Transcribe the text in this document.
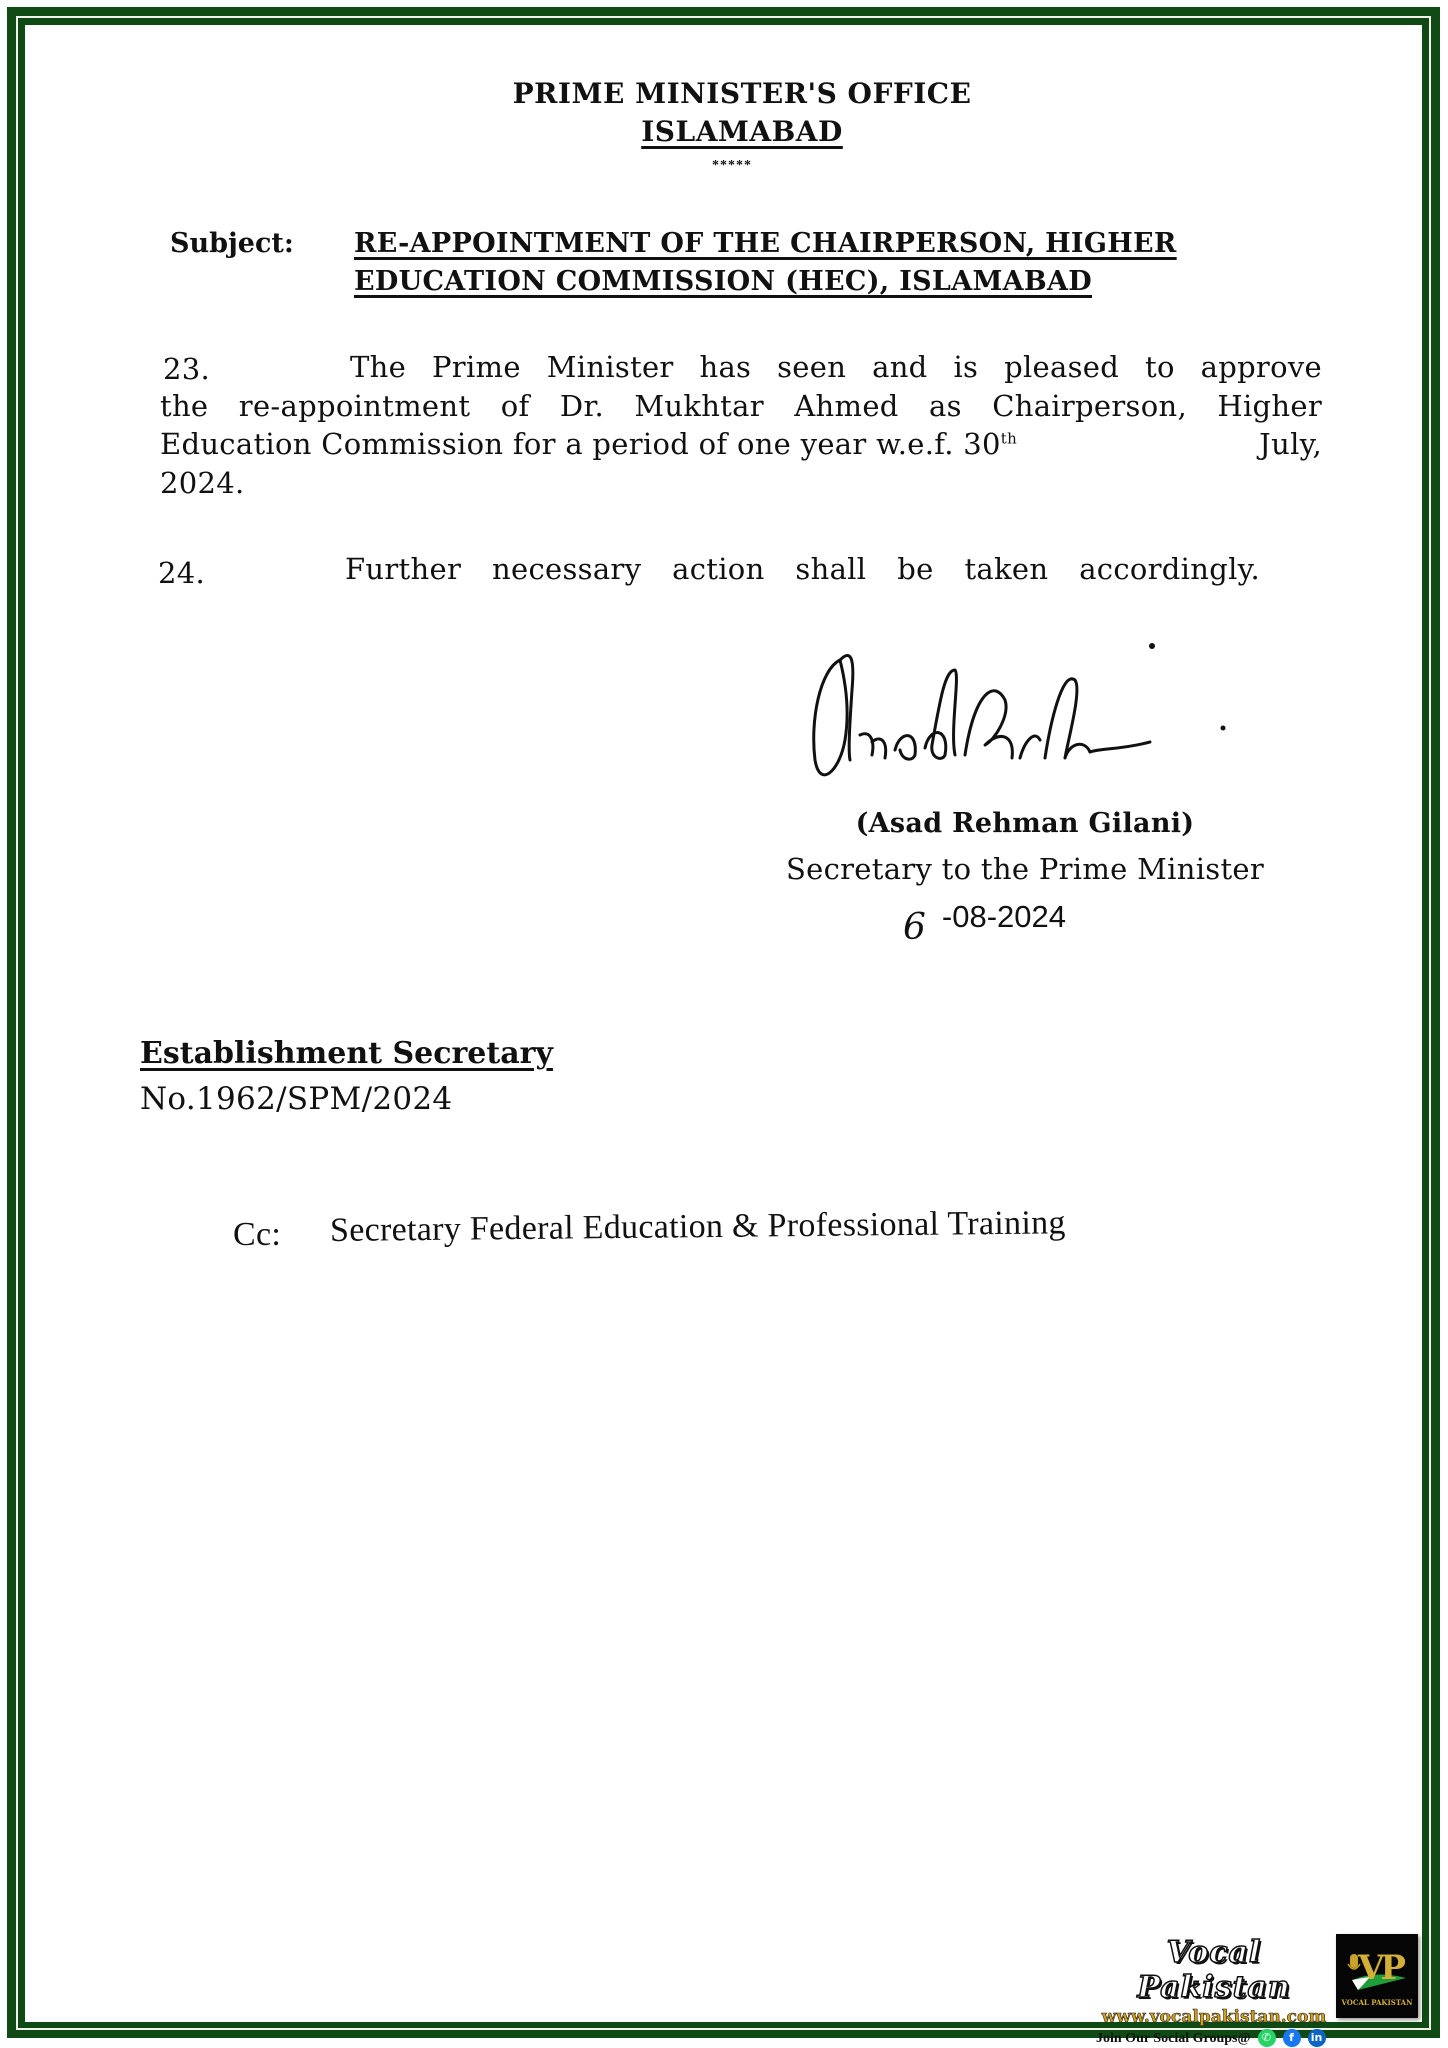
PRIME MINISTER'S OFFICE
ISLAMABAD
*****
Subject: RE-APPOINTMENT OF THE CHAIRPERSON, HIGHER
EDUCATION COMMISSION (HEC), ISLAMABAD
23.	The Prime Minister has seen and is pleased to approve
the re-appointment of Dr. Mukhtar Ahmed as Chairperson, Higher
Education Commission for a period of one year w.e.f. 30th	July,
2024.
24.	Further necessary action shall be taken accordingly.
(Asad Rehman Gilani)
Secretary to the Prime Minister
6 -08-2024
Establishment Secretary
No.1962/SPM/2024
Cc: Secretary Federal Education & Professional Training
Vocal Pakistan
www.vocalpakistan.com
Join Our Social Groups@ ✆ f in
VP
VOCAL PAKISTAN
